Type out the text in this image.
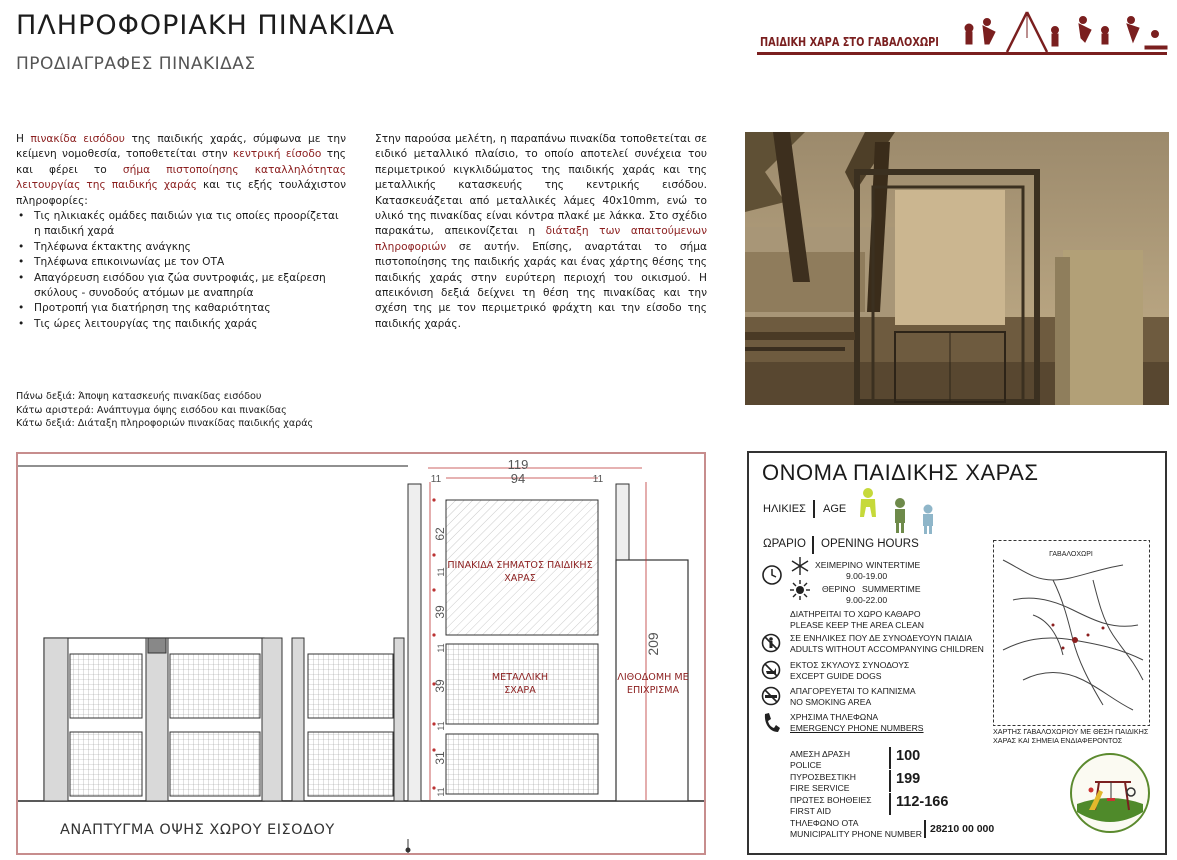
ΠΛΗΡΟΦΟΡΙΑΚΗ ΠΙΝΑΚΙΔΑ
ΠΡΟΔΙΑΓΡΑΦΕΣ ΠΙΝΑΚΙΔΑΣ
ΠΑΙΔΙΚΗ ΧΑΡΑ ΣΤΟ ΓΑΒΑΛΟΧΩΡΙ
Η πινακίδα εισόδου της παιδικής χαράς, σύμφωνα με την κείμενη νομοθεσία, τοποθετείται στην κεντρική είσοδο της και φέρει το σήμα πιστοποίησης καταλληλότητας λειτουργίας της παιδικής χαράς και τις εξής τουλάχιστον πληροφορίες:
• Τις ηλικιακές ομάδες παιδιών για τις οποίες προορίζεται η παιδική χαρά
• Τηλέφωνα έκτακτης ανάγκης
• Τηλέφωνα επικοινωνίας με τον ΟΤΑ
• Απαγόρευση εισόδου για ζώα συντροφιάς, με εξαίρεση σκύλους - συνοδούς ατόμων με αναπηρία
• Προτροπή για διατήρηση της καθαριότητας
• Τις ώρες λειτουργίας της παιδικής χαράς
Στην παρούσα μελέτη, η παραπάνω πινακίδα τοποθετείται σε ειδικό μεταλλικό πλαίσιο, το οποίο αποτελεί συνέχεια του περιμετρικού κιγκλιδώματος της παιδικής χαράς και της μεταλλικής κατασκευής της κεντρικής εισόδου. Κατασκευάζεται από μεταλλικές λάμες 40x10mm, ενώ το υλικό της πινακίδας είναι κόντρα πλακέ με λάκκα. Στο σχέδιο παρακάτω, απεικονίζεται η διάταξη των απαιτούμενων πληροφοριών σε αυτήν. Επίσης, αναρτάται το σήμα πιστοποίησης της παιδικής χαράς και ένας χάρτης θέσης της παιδικής χαράς στην ευρύτερη περιοχή του οικισμού. Η απεικόνιση δεξιά δείχνει τη θέση της πινακίδας και την σχέση της με τον περιμετρικό φράχτη και την είσοδο της παιδικής χαράς.
Πάνω δεξιά: Άποψη κατασκευής πινακίδας εισόδου
Κάτω αριστερά: Ανάπτυγμα όψης εισόδου και πινακίδας
Κάτω δεξιά: Διάταξη πληροφοριών πινακίδας παιδικής χαράς
119
94
11	11
62
11
39
11
39
11
31
11
209
ΠΙΝΑΚΙΔΑ ΣΗΜΑΤΟΣ ΠΑΙΔΙΚΗΣ ΧΑΡΑΣ
ΜΕΤΑΛΛΙΚΗ ΣΧΑΡΑ
ΛΙΘΟΔΟΜΗ ΜΕ ΕΠΙΧΡΙΣΜΑ
ΑΝΑΠΤΥΓΜΑ ΟΨΗΣ ΧΩΡΟΥ ΕΙΣΟΔΟΥ
ΟΝΟΜΑ ΠΑΙΔΙΚΗΣ ΧΑΡΑΣ
ΗΛΙΚΙΕΣ AGE
ΩΡΑΡΙΟ OPENING HOURS
ΧΕΙΜΕΡΙΝΟ WINTERTIME
9.00-19.00
ΘΕΡΙΝΟ SUMMERTIME
9.00-22.00
ΔΙΑΤΗΡΕΙΤΑΙ ΤΟ ΧΩΡΟ ΚΑΘΑΡΟ
PLEASE KEEP THE AREA CLEAN
ΣΕ ΕΝΗΛΙΚΕΣ ΠΟΥ ΔΕ ΣΥΝΟΔΕΥΟΥΝ ΠΑΙΔΙΑ
ADULTS WITHOUT ACCOMPANYING CHILDREN
ΕΚΤΟΣ ΣΚΥΛΟΥΣ ΣΥΝΟΔΟΥΣ
EXCEPT GUIDE DOGS
ΑΠΑΓΟΡΕΥΕΤΑΙ ΤΟ ΚΑΠΝΙΣΜΑ
NO SMOKING AREA
ΧΡΗΣΙΜΑ ΤΗΛΕΦΩΝΑ
EMERGENCY PHONE NUMBERS
ΑΜΕΣΗ ΔΡΑΣΗ
POLICE
100
ΠΥΡΟΣΒΕΣΤΙΚΗ
FIRE SERVICE
199
ΠΡΩΤΕΣ ΒΟΗΘΕΙΕΣ
FIRST AID
112-166
ΤΗΛΕΦΩΝΟ ΟΤΑ
MUNICIPALITY PHONE NUMBER 28210 00 000
ΓΑΒΑΛΟΧΩΡΙ
ΧΑΡΤΗΣ ΓΑΒΑΛΟΧΩΡΙΟΥ ΜΕ ΘΕΣΗ ΠΑΙΔΙΚΗΣ ΧΑΡΑΣ ΚΑΙ ΣΗΜΕΙΑ ΕΝΔΙΑΦΕΡΟΝΤΟΣ
